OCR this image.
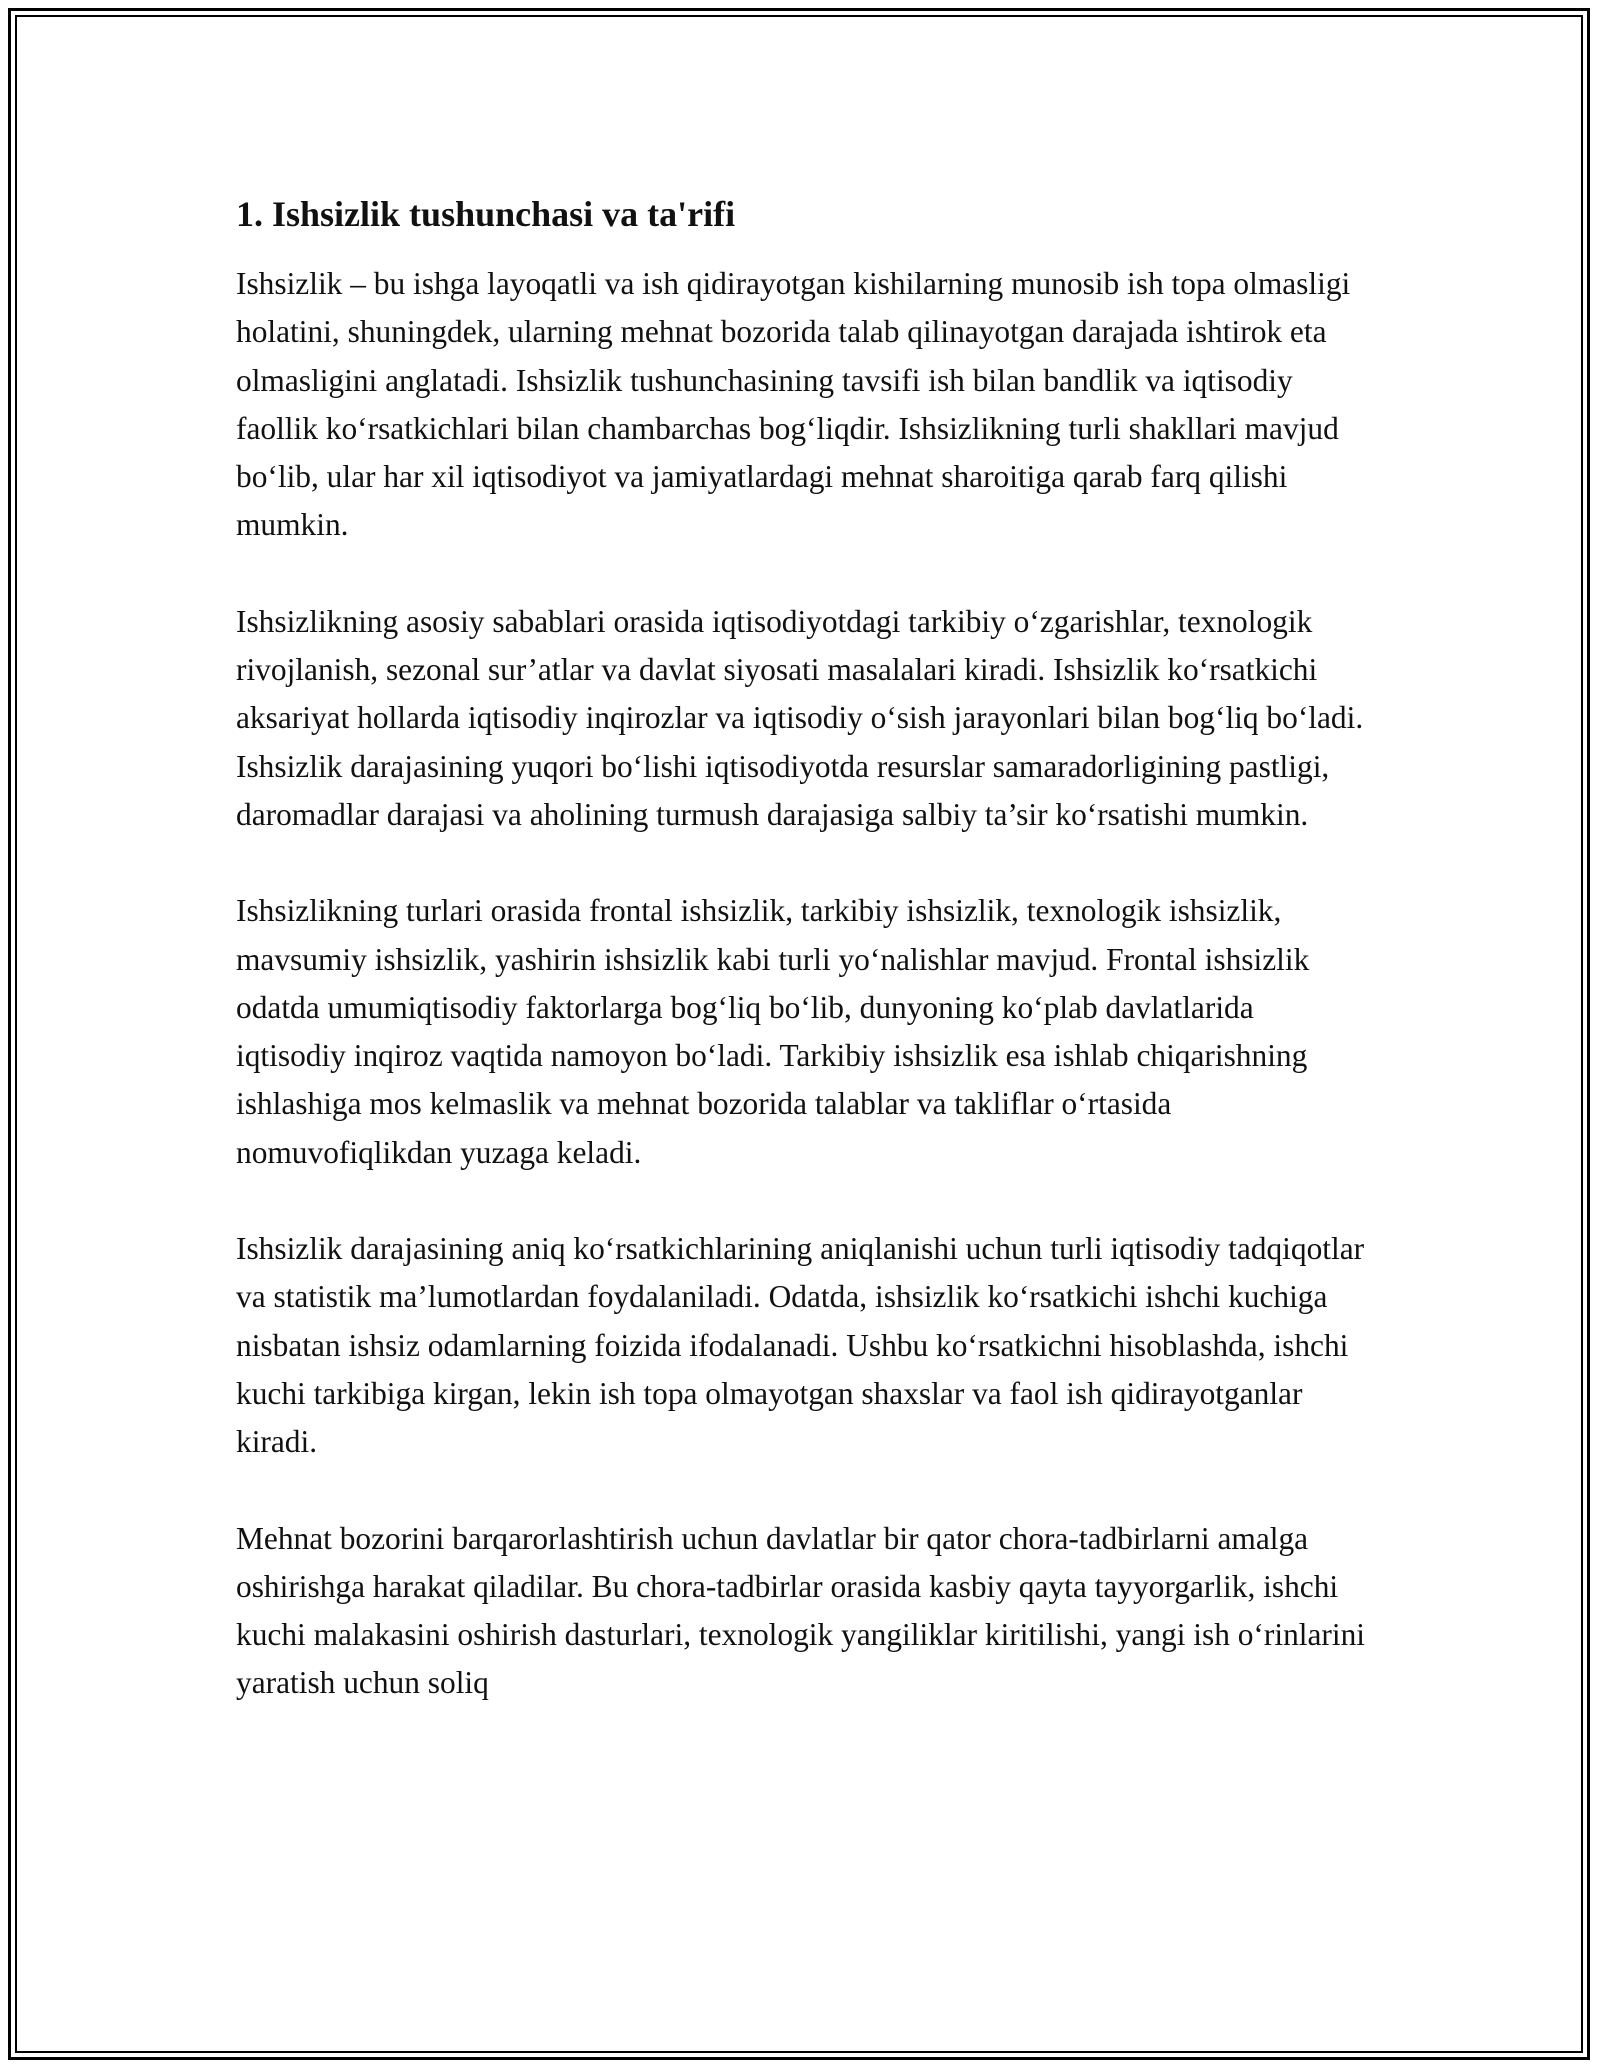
1. Ishsizlik tushunchasi va ta'rifi

Ishsizlik – bu ishga layoqatli va ish qidirayotgan kishilarning munosib ish topa olmasligi holatini, shuningdek, ularning mehnat bozorida talab qilinayotgan darajada ishtirok eta olmasligini anglatadi. Ishsizlik tushunchasining tavsifi ish bilan bandlik va iqtisodiy faollik ko‘rsatkichlari bilan chambarchas bog‘liqdir. Ishsizlikning turli shakllari mavjud bo‘lib, ular har xil iqtisodiyot va jamiyatlardagi mehnat sharoitiga qarab farq qilishi mumkin.

Ishsizlikning asosiy sabablari orasida iqtisodiyotdagi tarkibiy o‘zgarishlar, texnologik rivojlanish, sezonal sur’atlar va davlat siyosati masalalari kiradi. Ishsizlik ko‘rsatkichi aksariyat hollarda iqtisodiy inqirozlar va iqtisodiy o‘sish jarayonlari bilan bog‘liq bo‘ladi. Ishsizlik darajasining yuqori bo‘lishi iqtisodiyotda resurslar samaradorligining pastligi, daromadlar darajasi va aholining turmush darajasiga salbiy ta’sir ko‘rsatishi mumkin.

Ishsizlikning turlari orasida frontal ishsizlik, tarkibiy ishsizlik, texnologik ishsizlik, mavsumiy ishsizlik, yashirin ishsizlik kabi turli yo‘nalishlar mavjud. Frontal ishsizlik odatda umumiqtisodiy faktorlarga bog‘liq bo‘lib, dunyoning ko‘plab davlatlarida iqtisodiy inqiroz vaqtida namoyon bo‘ladi. Tarkibiy ishsizlik esa ishlab chiqarishning ishlashiga mos kelmaslik va mehnat bozorida talablar va takliflar o‘rtasida nomuvofiqlikdan yuzaga keladi.

Ishsizlik darajasining aniq ko‘rsatkichlarining aniqlanishi uchun turli iqtisodiy tadqiqotlar va statistik ma’lumotlardan foydalaniladi. Odatda, ishsizlik ko‘rsatkichi ishchi kuchiga nisbatan ishsiz odamlarning foizida ifodalanadi. Ushbu ko‘rsatkichni hisoblashda, ishchi kuchi tarkibiga kirgan, lekin ish topa olmayotgan shaxslar va faol ish qidirayotganlar kiradi.

Mehnat bozorini barqarorlashtirish uchun davlatlar bir qator chora-tadbirlarni amalga oshirishga harakat qiladilar. Bu chora-tadbirlar orasida kasbiy qayta tayyorgarlik, ishchi kuchi malakasini oshirish dasturlari, texnologik yangiliklar kiritilishi, yangi ish o‘rinlarini yaratish uchun soliq
